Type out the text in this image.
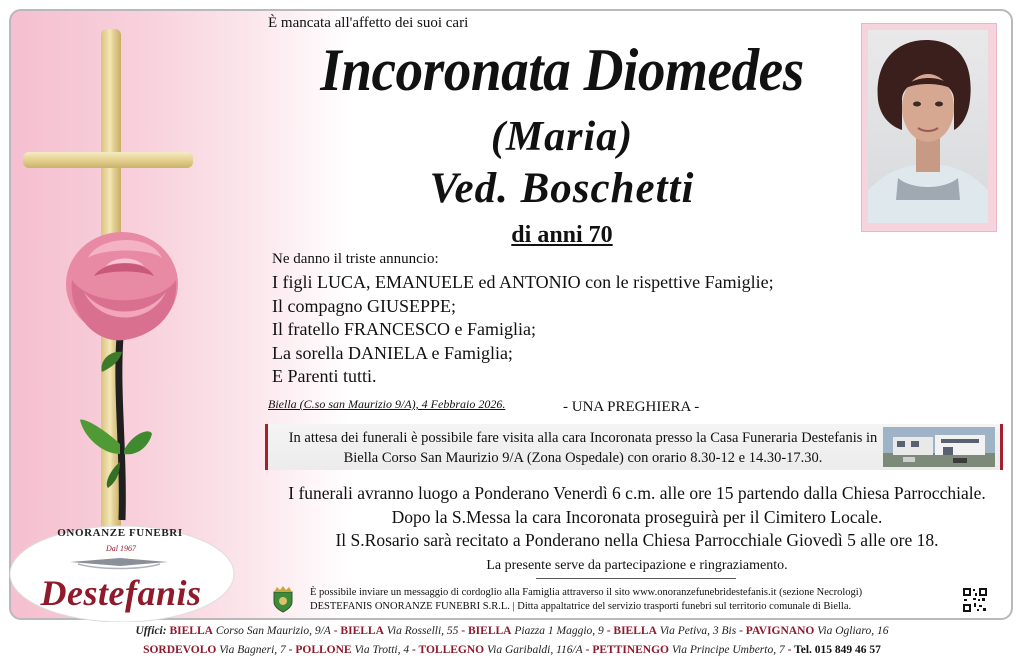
ONORANZE FUNEBRI
Dal 1967
Destefanis
È mancata all'affetto dei suoi cari
Incoronata Diomedes
(Maria)
Ved. Boschetti
di anni 70
Ne danno il triste annuncio:
I figli LUCA, EMANUELE ed ANTONIO con le rispettive Famiglie;
Il compagno GIUSEPPE;
Il fratello FRANCESCO e Famiglia;
La sorella DANIELA e Famiglia;
E Parenti tutti.
Biella (C.so san Maurizio 9/A), 4 Febbraio 2026.	- UNA PREGHIERA -
In attesa dei funerali è possibile fare visita alla cara Incoronata presso la Casa Funeraria Destefanis in Biella Corso San Maurizio 9/A (Zona Ospedale) con orario 8.30-12 e 14.30-17.30.
I funerali avranno luogo a Ponderano Venerdì 6 c.m. alle ore 15 partendo dalla Chiesa Parrocchiale.
Dopo la S.Messa la cara Incoronata proseguirà per il Cimitero Locale.
Il S.Rosario sarà recitato a Ponderano nella Chiesa Parrocchiale Giovedì 5 alle ore 18.
La presente serve da partecipazione e ringraziamento.
È possibile inviare un messaggio di cordoglio alla Famiglia attraverso il sito www.onoranzefunebridestefanis.it (sezione Necrologi)
DESTEFANIS ONORANZE FUNEBRI S.R.L. | Ditta appaltatrice del servizio trasporti funebri sul territorio comunale di Biella.
Uffici: BIELLA Corso San Maurizio, 9/A - BIELLA Via Rosselli, 55 - BIELLA Piazza 1 Maggio, 9 - BIELLA Via Petiva, 3 Bis - PAVIGNANO Via Ogliaro, 16
SORDEVOLO Via Bagneri, 7 - POLLONE Via Trotti, 4 - TOLLEGNO Via Garibaldi, 116/A - PETTINENGO Via Principe Umberto, 7 - Tel. 015 849 46 57
